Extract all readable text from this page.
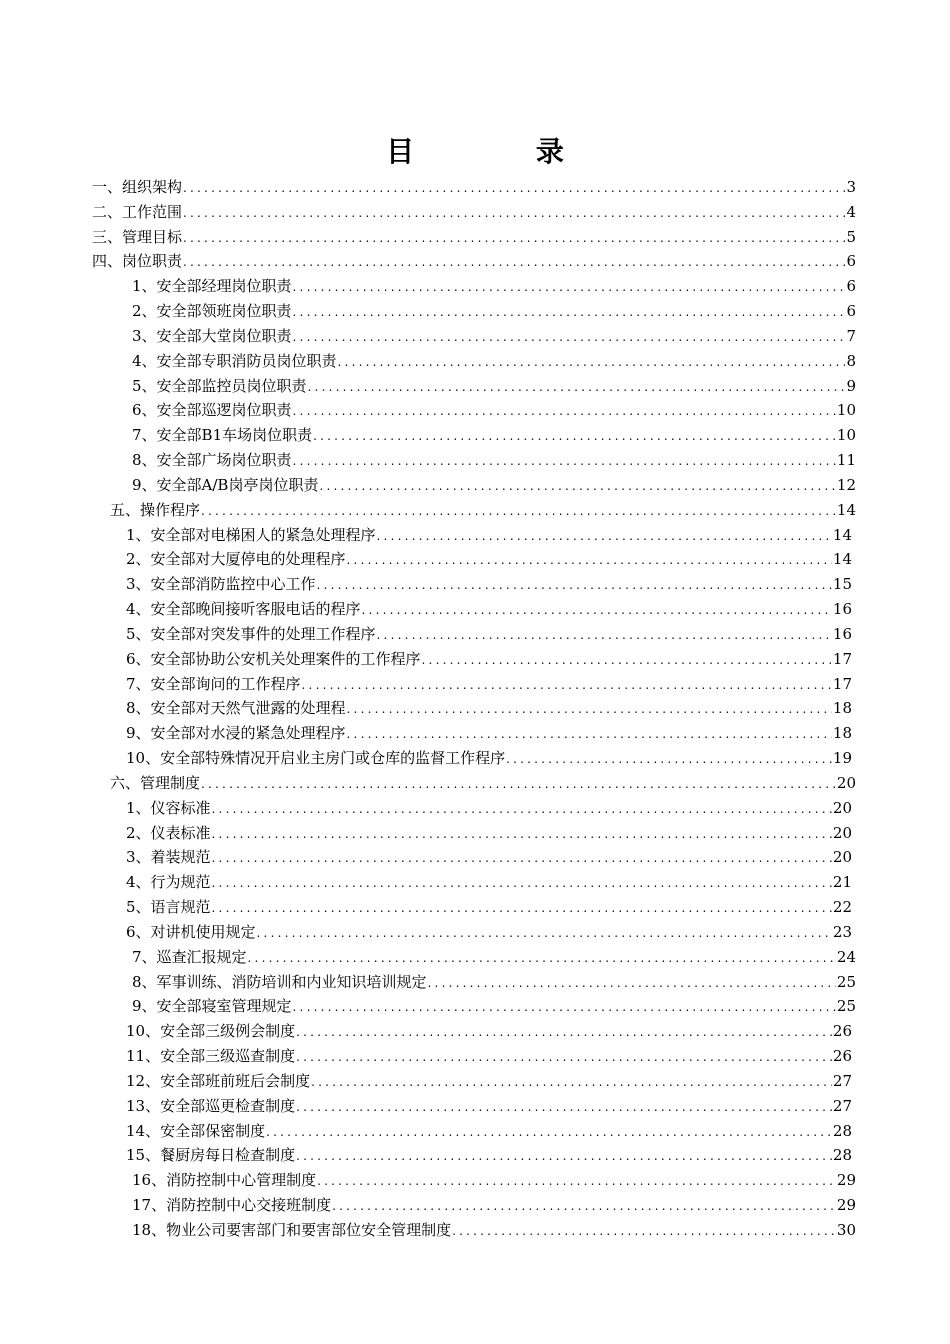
目 录
一、组织架构 .....	3
二、工作范围 .....	4
三、管理目标 .....	5
四、岗位职责 .....	6
1、安全部经理岗位职责 .....	6
2、安全部领班岗位职责 .....	6
3、安全部大堂岗位职责 .....	7
4、安全部专职消防员岗位职责 .....	8
5、安全部监控员岗位职责 .....	9
6、安全部巡逻岗位职责 .....	10
7、安全部B1车场岗位职责 .....	10
8、安全部广场岗位职责 .....	11
9、安全部A/B岗亭岗位职责 .....	12
五、操作程序 .....	14
1、安全部对电梯困人的紧急处理程序 .....	14
2、安全部对大厦停电的处理程序 .....	14
3、安全部消防监控中心工作 .....	15
4、安全部晚间接听客服电话的程序 .....	16
5、安全部对突发事件的处理工作程序 .....	16
6、安全部协助公安机关处理案件的工作程序 .....	17
7、安全部询问的工作程序 .....	17
8、安全部对天然气泄露的处理程 .....	18
9、安全部对水浸的紧急处理程序 .....	18
10、安全部特殊情况开启业主房门或仓库的监督工作程序 .....	19
六、管理制度 .....	20
1、仪容标准 .....	20
2、仪表标准 .....	20
3、着装规范 .....	20
4、行为规范 .....	21
5、语言规范 .....	22
6、对讲机使用规定 .....	23
7、巡查汇报规定 .....	24
8、军事训练、消防培训和内业知识培训规定 .....	25
9、安全部寝室管理规定 .....	25
10、安全部三级例会制度 .....	26
11、安全部三级巡查制度 .....	26
12、安全部班前班后会制度 .....	27
13、安全部巡更检查制度 .....	27
14、安全部保密制度 .....	28
15、餐厨房每日检查制度 .....	28
16、消防控制中心管理制度 .....	29
17、消防控制中心交接班制度 .....	29
18、物业公司要害部门和要害部位安全管理制度 .....	30
